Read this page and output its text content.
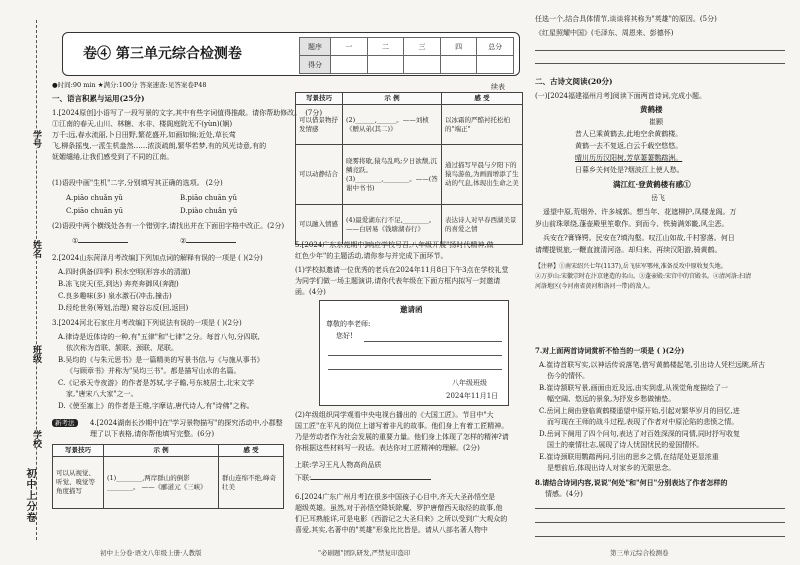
学号
姓名
班级
学校
初中上分卷
卷④ 第三单元综合检测卷	题序	一	二	三	四	总分
得分					
●时间:90 min ★满分:100分 答案速查:见答案卷P48
一、语言积累与运用(25分)
1.[2024原创]小语写了一段写景的文字,其中有些字词值得推敲。请你帮助修改。 (7分)
①江南的春天,山川、林糖、水非、楼阁庭院无不(yùn)(娴)
万千:远,春水流丽,卜日田野,繁花盛开,如画如锦;近处,草长莺
飞,柳条摇曳,一派生机盎然……浓淡疏朗,繁华若梦,有的风光诗意,有的
妩媚缱绻,让我们感受到了不同的江南。
(1)语段中画"生机"二字,分别填写其正确的选项。 (2分)
A.piāo chuǎn yǔ	B.piāo chuān yǔ
C.piāo chuān yū	D.piào chuǎn yǔ
(2)语段中两个横线处各有一个错别字,请找出并在下面田字格中改正。(2分)
①	②
2.[2024山东菏泽月考改编]下列加点词的解释有误的一项是 ( )(2分)
A.四时俱备(四季) 积水空明(形容水的清澈)
B.冻飞戾天(至,到达) 奔亮奔御风(奔跑)
C.良多趣味(多) 泉水激石(冲击,撞击)
D.经纶世务(筹划,治理) 窥谷忘反(回,返回)
3.[2024河北石家庄月考改编]下列说法有误的一项是 ( )(2分)
A.律诗是近体诗的一种,有"五律"和"七律"之分。每首八句,分四联,
依次称为首联、颔联、颈联、尾联。
B.吴均的《与朱元思书》是一篇精美的写景书信,与《与施从事书》
《与顾章书》并称为"吴均三书"。都是描写山水的名篇。
C.《记承天寺夜游》的作者是苏轼,字子瞻,号东坡居士,北宋文学
家,"唐宋八大家"之一。
D.《使至塞上》的作者是王维,字摩诘,唐代诗人,有"诗佛"之称。
新考法	4.[2024湖南长沙期中]在"学习景物描写"的探究活动中,小郡整理了以下表格,请你帮他填写完整。(6分)
写景技巧	示 例	感 受
可以从视觉、听觉、嗅觉等角度描写	(1)________,两岸群山的倒影________。 ——《郦道元《三峡》	群山连绵不绝,峰奇壮美
续表
写景技巧	示 例	感 受
可以借景物抒发情感	(2)______,______。——刘桢《赠从弟(其二)》	以冰霜的严酷衬托松柏的"端正"
可以动静结合	晓雾将歇,猿鸟乱鸣;夕日欲颓,沉鳞竞跃。 (3)________,________。——(答谢中书书)	通过描写早晨与夕阳下的猿鸟游鱼,为画面增添了生动的气息,体现出生命之美
可以融入情感	(4)最爱湖东行不足,________。——白居易《钱塘湖春行》	表达诗人对早春西湖美景的喜爱之情
5.[2024广东东莞期中]响应学校号召,八年级开展"扬时代精神,做
红色少年"的主题活动,请你参与并完成下面环节。
(1)学校拟邀请一位优秀的老兵在2024年11月8日下午3点在学校礼堂
为同学们做一场主题演讲,请你代表年级在下面方框内拟写一封邀请
函。(4分)
邀请函
尊敬的李老师:
您好!
八年级班级
2024年11月1日
(2)年级组织同学观看中央电视台播出的《大国工匠》。节目中"大
国工匠"在平凡的岗位上谱写着非凡的故事。他们身上有着工匠精神。
乃是劳动者作为社会发展的重要力量。他们身上体现了怎样的精神?请
你根据这些材料写一段话。表达你对工匠精神的理解。(2分)
上联:学习王凡人物高尚品质
下联:
6.[2024广东广州月考]在很多中国孩子心目中,齐天大圣孙悟空是
超级英雄。虽然,对于孙悟空降妖除魔、罗护唐僧西天取经的故事,他
们已耳熟能详,可是电影《西游记之大圣归来》之所以受到广大观众的
喜爱,其实,名著中的"英雄"形象比比皆是。请从八部名著人物中
任选一个,结合具体情节,谈谈将其称为"英雄"的原因。(5分)
《红星照耀中国》(毛泽东、周恩来、彭德怀)
二、古诗文阅读(20分)
(一)[2024福建福州月考]阅读下面两首诗词,完成小题。
黄鹤楼
崔颢
昔人已乘黄鹤去,此地空余黄鹤楼。
黄鹤一去不复返,白云千载空悠悠。
晴川历历汉阳树,芳草萋萋鹦鹉洲。
日暮乡关何处是?烟波江上使人愁。
满江红·登黄鹤楼有感①
岳飞
遥望中原,荒烟外、许多城郭。想当年、花遮柳护,凤楼龙阁。万
岁山前珠翠绕,蓬壶殿里笙歌作。到而今、铁骑满郊畿,风尘恶。
兵安在?膏锋锷。民安在?填沟壑。叹江山如故,千村寥落。何日
请缨提锐旅,一鞭直渡清河洛。却归来、再续汉阳游,骑黄鹤。
【注释】①南宋绍兴七年(1137),岳飞驻军鄂州,准备反攻中原收复失地。
②万岁山:宋徽宗时在汴京建造的名山。③蓬壶殿:宋宫中的宫殿名。④清河洛:扫清
河洛地区(今河南省黄河和洛河一带)的敌人。
7.对上面两首诗词赏析不恰当的一项是 ( )(2分)
A.崔诗首联写实,以神话传说落笔,借写黄鹤楼起笔,引出诗人凭栏远眺,所古
伤今的情怀。
B.崔诗颔联写景,画面由近及远,由实到虚,从视觉角度描绘了一
幅空阔、悠远的景象,为抒发乡愁做铺垫。
C.岳词上阕由登临黄鹤楼遥望中原开始,引起对繁华岁月的回忆,进
而写现在王师的战斗过程,表现了作者对中原沦陷的悲愤之情。
D.岳词下阕用了四个问句,表达了对百姓深深的同情,同时抒写收复
国土的豪情壮志,展现了诗人忧国忧民的爱国情怀。
E.崔诗颈联用鹦鹉两问,引出的思乡之情,在结尾处更显浓重
是想前后,体现出诗人对家乡的无限思念。
8.请结合诗词内容,说说"何处"和"何日"分别表达了作者怎样的
情感。(4分)
初中上分卷·语文八年级上册·人教版	"必刷题"团队研发,严禁复印盗印	第三单元综合检测卷
